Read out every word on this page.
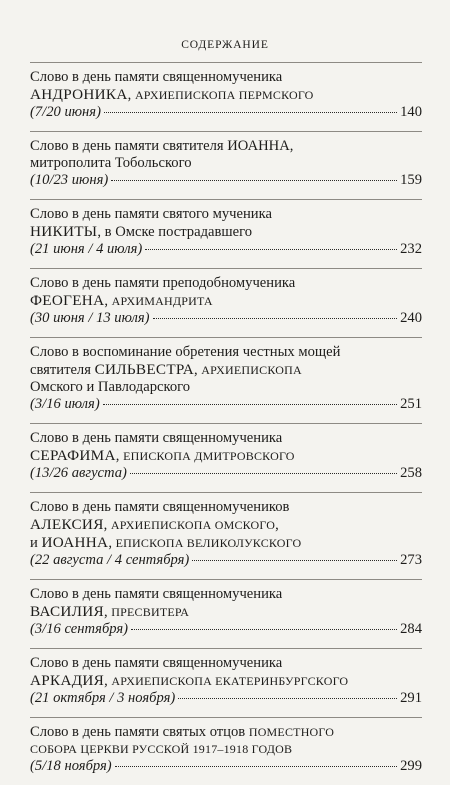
СОДЕРЖАНИЕ
Слово в день памяти священномученика
АНДРОНИКА, АРХИЕПИСКОПА ПЕРМСКОГО
(7/20 июня)	140
Слово в день памяти святителя ИОАННА,
митрополита Тобольского
(10/23 июня)	159
Слово в день памяти святого мученика
НИКИТЫ, в Омске пострадавшего
(21 июня / 4 июля)	232
Слово в день памяти преподобномученика
ФЕОГЕНА, АРХИМАНДРИТА
(30 июня / 13 июля)	240
Слово в воспоминание обретения честных мощей
святителя СИЛЬВЕСТРА, АРХИЕПИСКОПА
Омского и Павлодарского
(3/16 июля)	251
Слово в день памяти священномученика
СЕРАФИМА, ЕПИСКОПА ДМИТРОВСКОГО
(13/26 августа)	258
Слово в день памяти священномучеников
АЛЕКСИЯ, АРХИЕПИСКОПА ОМСКОГО,
и ИОАННА, ЕПИСКОПА ВЕЛИКОЛУКСКОГО
(22 августа / 4 сентября)	273
Слово в день памяти священномученика
ВАСИЛИЯ, ПРЕСВИТЕРА
(3/16 сентября)	284
Слово в день памяти священномученика
АРКАДИЯ, АРХИЕПИСКОПА ЕКАТЕРИНБУРГСКОГО
(21 октября / 3 ноября)	291
Слово в день памяти святых отцов ПОМЕСТНОГО
СОБОРА ЦЕРКВИ РУССКОЙ 1917–1918 ГОДОВ
(5/18 ноября)	299
